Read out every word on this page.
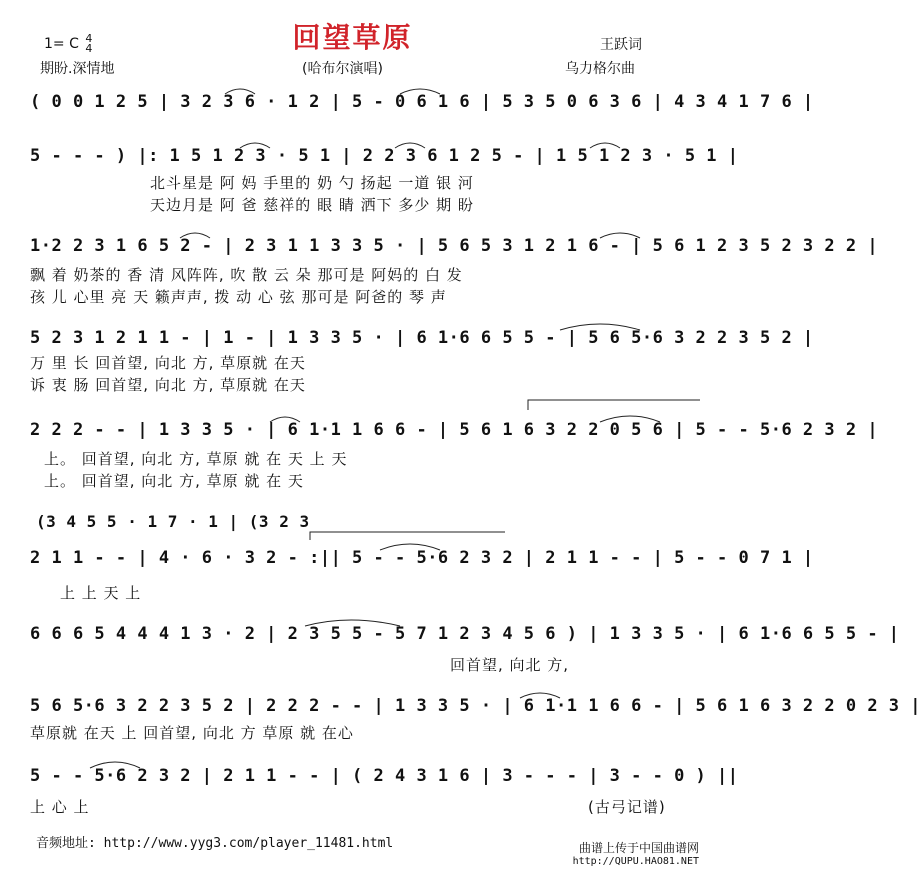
回望草原
1= C 4
4
期盼.深情地	(哈布尔演唱)
王跃词
乌力格尔曲
( 0 0 1 2 5 | 3 2 3 6 · 1 2 | 5 - 0 6 1 6 | 5 3 5 0 6 3 6 | 4 3 4 1 7 6 |
5 - - - ) |: 1 5 1 2 3 · 5 1 | 2 2 3 6 1 2 5 - | 1 5 1 2 3 · 5 1 |
北斗星是 阿 妈 手里的 奶 勺 扬起 一道 银 河
天边月是 阿 爸 慈祥的 眼 睛 洒下 多少 期 盼
1·2 2 3 1 6 5 2 - | 2 3 1 1 3 3 5 · | 5 6 5 3 1 2 1 6 - | 5 6 1 2 3 5 2 3 2 2 |
飘 着 奶茶的 香 清 风阵阵, 吹 散 云 朵 那可是 阿妈的 白 发
孩 儿 心里 亮 天 籁声声, 拨 动 心 弦 那可是 阿爸的 琴 声
5 2 3 1 2 1 1 - | 1 - | 1 3 3 5 · | 6 1·6 6 5 5 - | 5 6 5·6 3 2 2 3 5 2 |
万 里 长 回首望, 向北 方, 草原就 在天
诉 衷 肠 回首望, 向北 方, 草原就 在天
2 2 2 - - | 1 3 3 5 · | 6 1·1 1 6 6 - | 5 6 1 6 3 2 2 0 5 6 | 5 - - 5·6 2 3 2 |
上。 回首望, 向北 方, 草原 就 在 天 上 天
上。 回首望, 向北 方, 草原 就 在 天
(3 4 5 5 · 1 7 · 1 | (3 2 3
2 1 1 - - | 4 · 6 · 3 2 - :|| 5 - - 5·6 2 3 2 | 2 1 1 - - | 5 - - 0 7 1 |
上 上 天 上
6 6 6 5 4 4 4 1 3 · 2 | 2 3 5 5 - 5 7 1 2 3 4 5 6 ) | 1 3 3 5 · | 6 1·6 6 5 5 - |
回首望, 向北 方,
5 6 5·6 3 2 2 3 5 2 | 2 2 2 - - | 1 3 3 5 · | 6 1·1 1 6 6 - | 5 6 1 6 3 2 2 0 2 3 |
草原就 在天 上 回首望, 向北 方 草原 就 在心
5 - - 5·6 2 3 2 | 2 1 1 - - | ( 2 4 3 1 6 | 3 - - - | 3 - - 0 ) ||
上 心 上	(古弓记谱)
音频地址: http://www.yyg3.com/player_11481.html	曲谱上传于中国曲谱网
http://QUPU.HAO81.NET
